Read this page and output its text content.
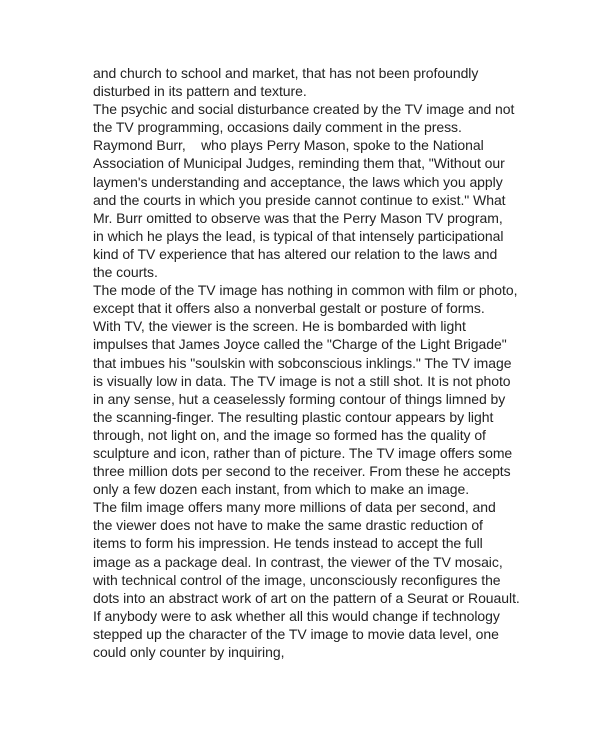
and church to school and market, that has not been profoundly
disturbed in its pattern and texture.
The psychic and social disturbance created by the TV image and not
the TV programming, occasions daily comment in the press.
Raymond Burr,    who plays Perry Mason, spoke to the National
Association of Municipal Judges, reminding them that, "Without our
laymen's understanding and acceptance, the laws which you apply
and the courts in which you preside cannot continue to exist." What
Mr. Burr omitted to observe was that the Perry Mason TV program,
in which he plays the lead, is typical of that intensely participational
kind of TV experience that has altered our relation to the laws and
the courts.
The mode of the TV image has nothing in common with film or photo,
except that it offers also a nonverbal gestalt or posture of forms.
With TV, the viewer is the screen. He is bombarded with light
impulses that James Joyce called the "Charge of the Light Brigade"
that imbues his "soulskin with sobconscious inklings." The TV image
is visually low in data. The TV image is not a still shot. It is not photo
in any sense, hut a ceaselessly forming contour of things limned by
the scanning-finger. The resulting plastic contour appears by light
through, not light on, and the image so formed has the quality of
sculpture and icon, rather than of picture. The TV image offers some
three million dots per second to the receiver. From these he accepts
only a few dozen each instant, from which to make an image.
The film image offers many more millions of data per second, and
the viewer does not have to make the same drastic reduction of
items to form his impression. He tends instead to accept the full
image as a package deal. In contrast, the viewer of the TV mosaic,
with technical control of the image, unconsciously reconfigures the
dots into an abstract work of art on the pattern of a Seurat or Rouault.
If anybody were to ask whether all this would change if technology
stepped up the character of the TV image to movie data level, one
could only counter by inquiring,
